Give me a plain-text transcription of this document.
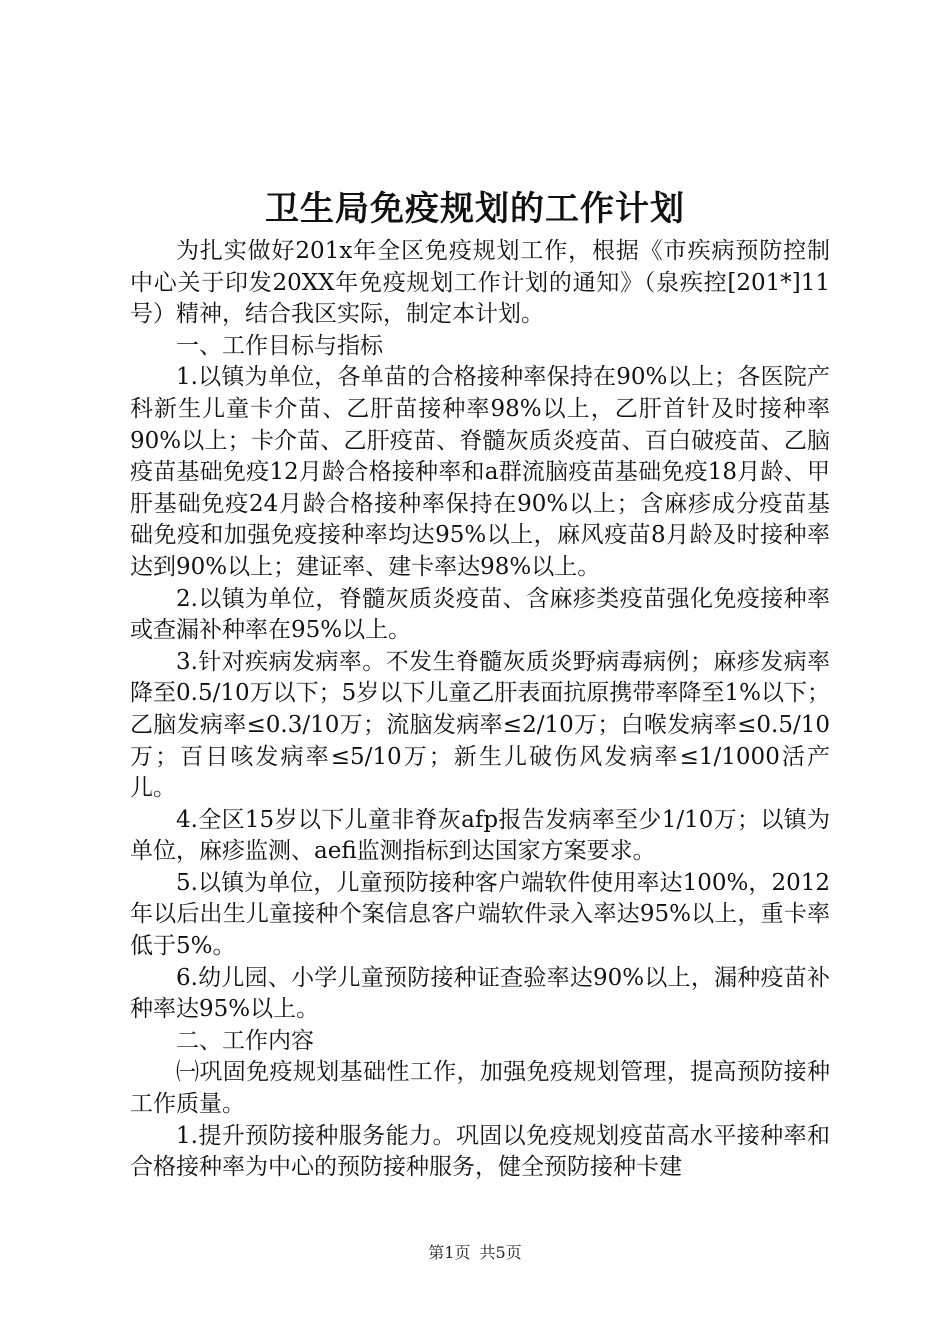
卫生局免疫规划的工作计划

为扎实做好201x年全区免疫规划工作，根据《市疾病预防控制中心关于印发20XX年免疫规划工作计划的通知》（泉疾控[201*]11号）精神，结合我区实际，制定本计划。

一、工作目标与指标

1.以镇为单位，各单苗的合格接种率保持在90%以上；各医院产科新生儿童卡介苗、乙肝苗接种率98%以上，乙肝首针及时接种率90%以上；卡介苗、乙肝疫苗、脊髓灰质炎疫苗、百白破疫苗、乙脑疫苗基础免疫12月龄合格接种率和a群流脑疫苗基础免疫18月龄、甲肝基础免疫24月龄合格接种率保持在90%以上；含麻疹成分疫苗基础免疫和加强免疫接种率均达95%以上，麻风疫苗8月龄及时接种率达到90%以上；建证率、建卡率达98%以上。

2.以镇为单位，脊髓灰质炎疫苗、含麻疹类疫苗强化免疫接种率或查漏补种率在95%以上。

3.针对疾病发病率。不发生脊髓灰质炎野病毒病例；麻疹发病率降至0.5/10万以下；5岁以下儿童乙肝表面抗原携带率降至1%以下；乙脑发病率≤0.3/10万；流脑发病率≤2/10万；白喉发病率≤0.5/10万；百日咳发病率≤5/10万；新生儿破伤风发病率≤1/1000活产儿。

4.全区15岁以下儿童非脊灰afp报告发病率至少1/10万；以镇为单位，麻疹监测、aefi监测指标到达国家方案要求。

5.以镇为单位，儿童预防接种客户端软件使用率达100%，2012年以后出生儿童接种个案信息客户端软件录入率达95%以上，重卡率低于5%。

6.幼儿园、小学儿童预防接种证查验率达90%以上，漏种疫苗补种率达95%以上。

二、工作内容

㈠巩固免疫规划基础性工作，加强免疫规划管理，提高预防接种工作质量。

1.提升预防接种服务能力。巩固以免疫规划疫苗高水平接种率和合格接种率为中心的预防接种服务，健全预防接种卡建

第1页 共5页
